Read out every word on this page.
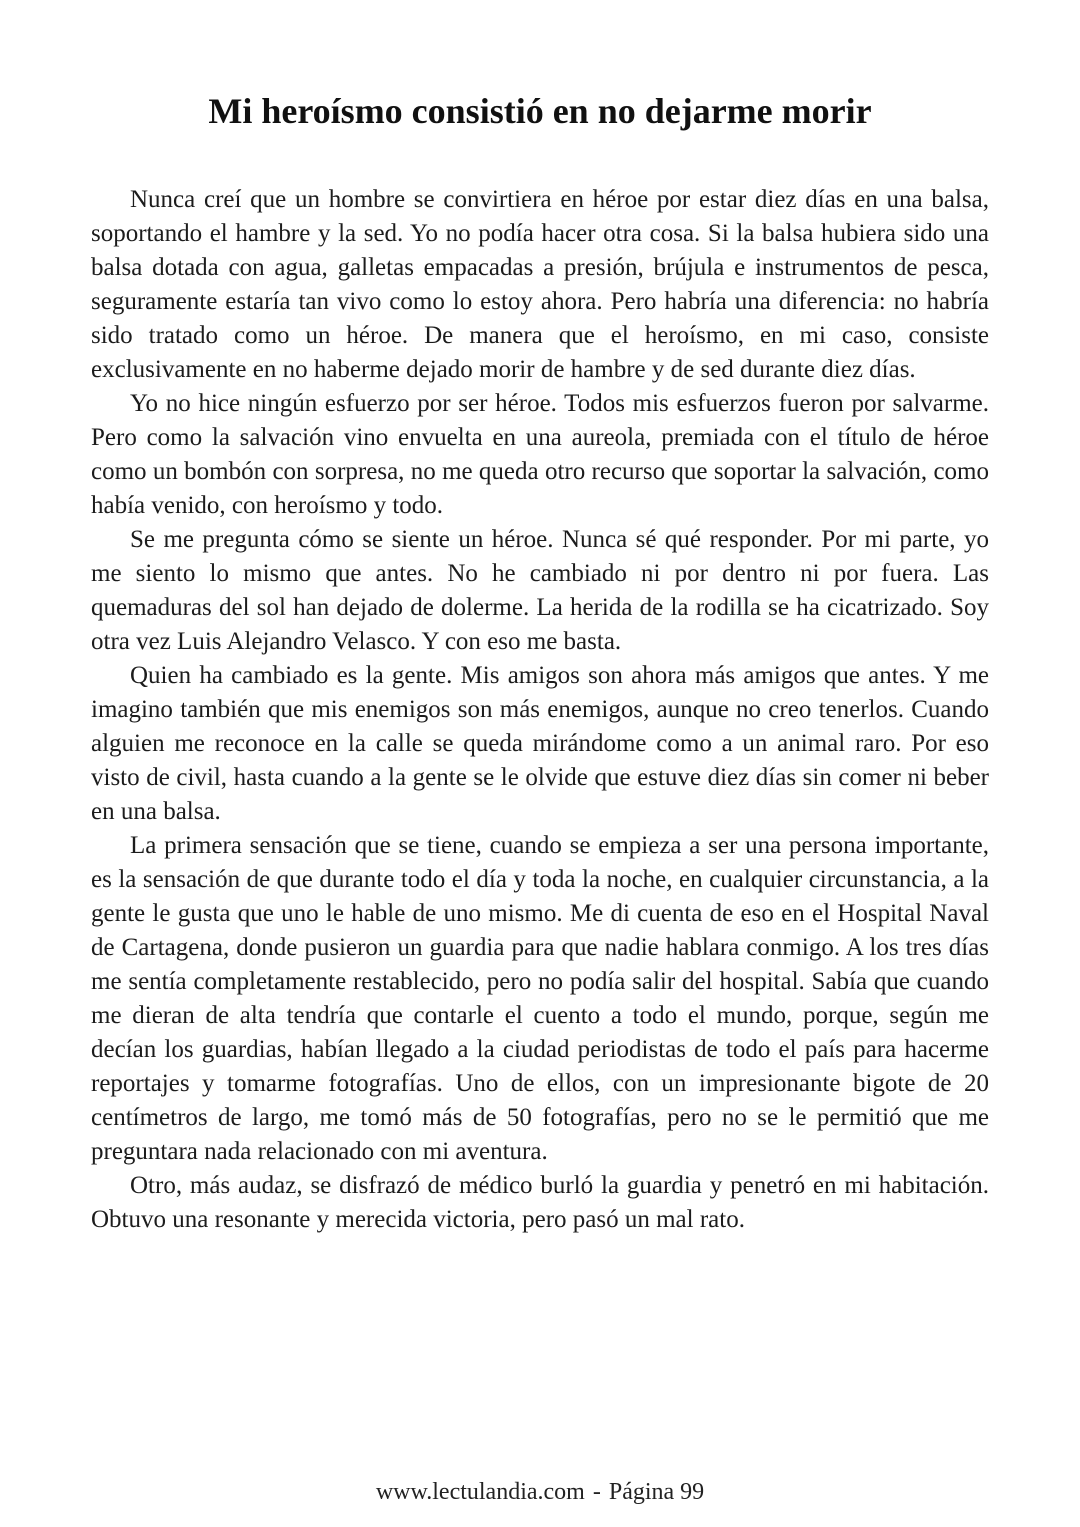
Mi heroísmo consistió en no dejarme morir

Nunca creí que un hombre se convirtiera en héroe por estar diez días en una balsa, soportando el hambre y la sed. Yo no podía hacer otra cosa. Si la balsa hubiera sido una balsa dotada con agua, galletas empacadas a presión, brújula e instrumentos de pesca, seguramente estaría tan vivo como lo estoy ahora. Pero habría una diferencia: no habría sido tratado como un héroe. De manera que el heroísmo, en mi caso, consiste exclusivamente en no haberme dejado morir de hambre y de sed durante diez días.

Yo no hice ningún esfuerzo por ser héroe. Todos mis esfuerzos fueron por salvarme. Pero como la salvación vino envuelta en una aureola, premiada con el título de héroe como un bombón con sorpresa, no me queda otro recurso que soportar la salvación, como había venido, con heroísmo y todo.

Se me pregunta cómo se siente un héroe. Nunca sé qué responder. Por mi parte, yo me siento lo mismo que antes. No he cambiado ni por dentro ni por fuera. Las quemaduras del sol han dejado de dolerme. La herida de la rodilla se ha cicatrizado. Soy otra vez Luis Alejandro Velasco. Y con eso me basta.

Quien ha cambiado es la gente. Mis amigos son ahora más amigos que antes. Y me imagino también que mis enemigos son más enemigos, aunque no creo tenerlos. Cuando alguien me reconoce en la calle se queda mirándome como a un animal raro. Por eso visto de civil, hasta cuando a la gente se le olvide que estuve diez días sin comer ni beber en una balsa.

La primera sensación que se tiene, cuando se empieza a ser una persona importante, es la sensación de que durante todo el día y toda la noche, en cualquier circunstancia, a la gente le gusta que uno le hable de uno mismo. Me di cuenta de eso en el Hospital Naval de Cartagena, donde pusieron un guardia para que nadie hablara conmigo. A los tres días me sentía completamente restablecido, pero no podía salir del hospital. Sabía que cuando me dieran de alta tendría que contarle el cuento a todo el mundo, porque, según me decían los guardias, habían llegado a la ciudad periodistas de todo el país para hacerme reportajes y tomarme fotografías. Uno de ellos, con un impresionante bigote de 20 centímetros de largo, me tomó más de 50 fotografías, pero no se le permitió que me preguntara nada relacionado con mi aventura.

Otro, más audaz, se disfrazó de médico burló la guardia y penetró en mi habitación. Obtuvo una resonante y merecida victoria, pero pasó un mal rato.

www.lectulandia.com - Página 99
